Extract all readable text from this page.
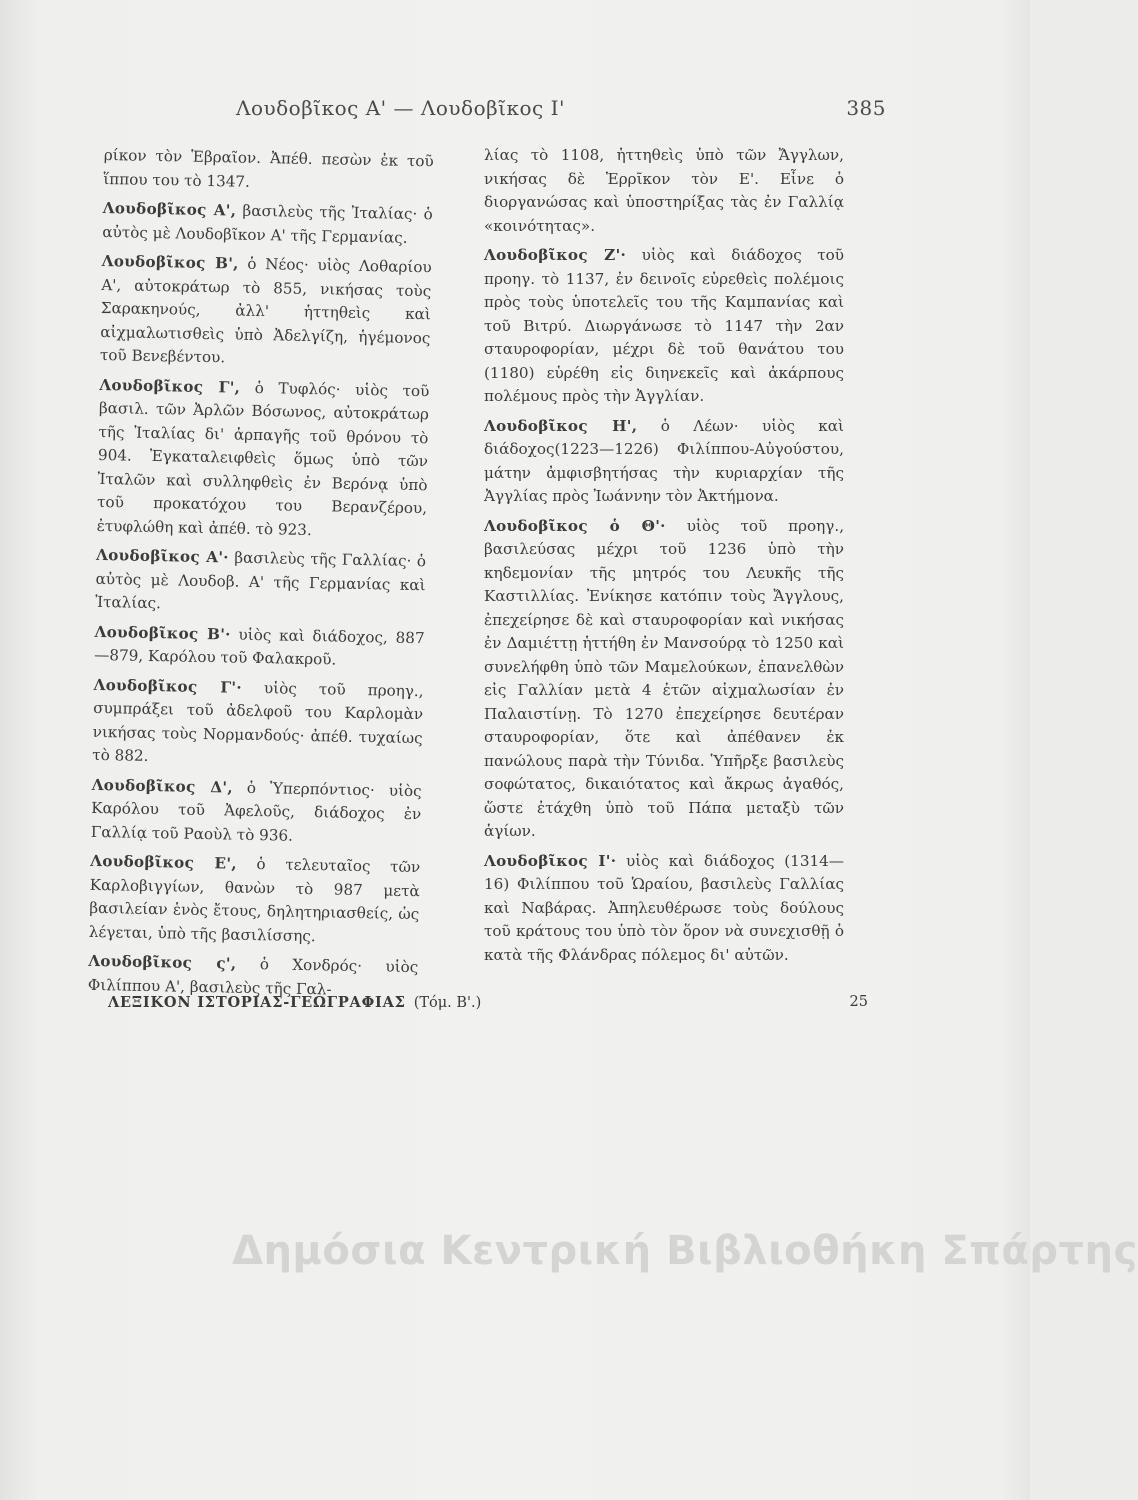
Λουδοβῖκος Α' — Λουδοβῖκος Ι'	385

ρίκον τὸν Ἑβραῖον. Ἀπέθ. πεσὼν ἐκ τοῦ ἵππου του τὸ 1347.

Λουδοβῖκος Α', βασιλεὺς τῆς Ἰταλίας· ὁ αὐτὸς μὲ Λουδοβῖκον Α' τῆς Γερμανίας.

Λουδοβῖκος Β', ὁ Νέος· υἱὸς Λοθαρίου Α', αὐτοκράτωρ τὸ 855, νικήσας τοὺς Σαρακηνούς, ἀλλ' ἡττηθεὶς καὶ αἰχμαλωτισθεὶς ὑπὸ Ἀδελγίζη, ἡγέμονος τοῦ Βενεβέντου.

Λουδοβῖκος Γ', ὁ Τυφλός· υἱὸς τοῦ βασιλ. τῶν Ἀρλῶν Βόσωνος, αὐτοκράτωρ τῆς Ἰταλίας δι' ἁρπαγῆς τοῦ θρόνου τὸ 904. Ἐγκαταλειφθεὶς ὅμως ὑπὸ τῶν Ἰταλῶν καὶ συλληφθεὶς ἐν Βερόνᾳ ὑπὸ τοῦ προκατόχου του Βερανζέρου, ἐτυφλώθη καὶ ἀπέθ. τὸ 923.

Λουδοβῖκος Α'· βασιλεὺς τῆς Γαλλίας· ὁ αὐτὸς μὲ Λουδοβ. Α' τῆς Γερμανίας καὶ Ἰταλίας.

Λουδοβῖκος Β'· υἱὸς καὶ διάδοχος, 887—879, Καρόλου τοῦ Φαλακροῦ.

Λουδοβῖκος Γ'· υἱὸς τοῦ προηγ., συμπράξει τοῦ ἀδελφοῦ του Καρλομὰν νικήσας τοὺς Νορμανδούς· ἀπέθ. τυχαίως τὸ 882.

Λουδοβῖκος Δ', ὁ Ὑπερπόντιος· υἱὸς Καρόλου τοῦ Ἀφελοῦς, διάδοχος ἐν Γαλλίᾳ τοῦ Ραοὺλ τὸ 936.

Λουδοβῖκος Ε', ὁ τελευταῖος τῶν Καρλοβιγγίων, θανὼν τὸ 987 μετὰ βασιλείαν ἑνὸς ἔτους, δηλητηριασθείς, ὡς λέγεται, ὑπὸ τῆς βασιλίσσης.

Λουδοβῖκος ς', ὁ Χονδρός· υἱὸς Φιλίππου Α', βασιλεὺς τῆς Γαλ-

λίας τὸ 1108, ἡττηθεὶς ὑπὸ τῶν Ἄγγλων, νικήσας δὲ Ἑρρῖκον τὸν Ε'. Εἶνε ὁ διοργανώσας καὶ ὑποστηρίξας τὰς ἐν Γαλλίᾳ «κοινότητας».

Λουδοβῖκος Ζ'· υἱὸς καὶ διάδοχος τοῦ προηγ. τὸ 1137, ἐν δεινοῖς εὑρεθεὶς πολέμοις πρὸς τοὺς ὑποτελεῖς του τῆς Καμπανίας καὶ τοῦ Βιτρύ. Διωργάνωσε τὸ 1147 τὴν 2αν σταυροφορίαν, μέχρι δὲ τοῦ θανάτου του (1180) εὑρέθη εἰς διηνεκεῖς καὶ ἀκάρπους πολέμους πρὸς τὴν Ἀγγλίαν.

Λουδοβῖκος Η', ὁ Λέων· υἱὸς καὶ διάδοχος(1223—1226) Φιλίππου-Αὐγούστου, μάτην ἀμφισβητήσας τὴν κυριαρχίαν τῆς Ἀγγλίας πρὸς Ἰωάννην τὸν Ἀκτήμονα.

Λουδοβῖκος ὁ Θ'· υἱὸς τοῦ προηγ., βασιλεύσας μέχρι τοῦ 1236 ὑπὸ τὴν κηδεμονίαν τῆς μητρός του Λευκῆς τῆς Καστιλλίας. Ἐνίκησε κατόπιν τοὺς Ἄγγλους, ἐπεχείρησε δὲ καὶ σταυροφορίαν καὶ νικήσας ἐν Δαμιέττῃ ἡττήθη ἐν Μανσούρᾳ τὸ 1250 καὶ συνελήφθη ὑπὸ τῶν Μαμελούκων, ἐπανελθὼν εἰς Γαλλίαν μετὰ 4 ἐτῶν αἰχμαλωσίαν ἐν Παλαιστίνῃ. Τὸ 1270 ἐπεχείρησε δευτέραν σταυροφορίαν, ὅτε καὶ ἀπέθανεν ἐκ πανώλους παρὰ τὴν Τύνιδα. Ὑπῆρξε βασιλεὺς σοφώτατος, δικαιότατος καὶ ἄκρως ἀγαθός, ὥστε ἐτάχθη ὑπὸ τοῦ Πάπα μεταξὺ τῶν ἁγίων.

Λουδοβῖκος Ι'· υἱὸς καὶ διάδοχος (1314—16) Φιλίππου τοῦ Ὡραίου, βασιλεὺς Γαλλίας καὶ Ναβάρας. Ἀπηλευθέρωσε τοὺς δούλους τοῦ κράτους του ὑπὸ τὸν ὅρον νὰ συνεχισθῇ ὁ κατὰ τῆς Φλάνδρας πόλεμος δι' αὐτῶν.

ΛΕΞΙΚΟΝ ΙΣΤΟΡΙΑΣ-ΓΕΩΓΡΑΦΙΑΣ (Τόμ. Β'.)	25
Δημόσια Κεντρική Βιβλιοθήκη Σπάρτης
